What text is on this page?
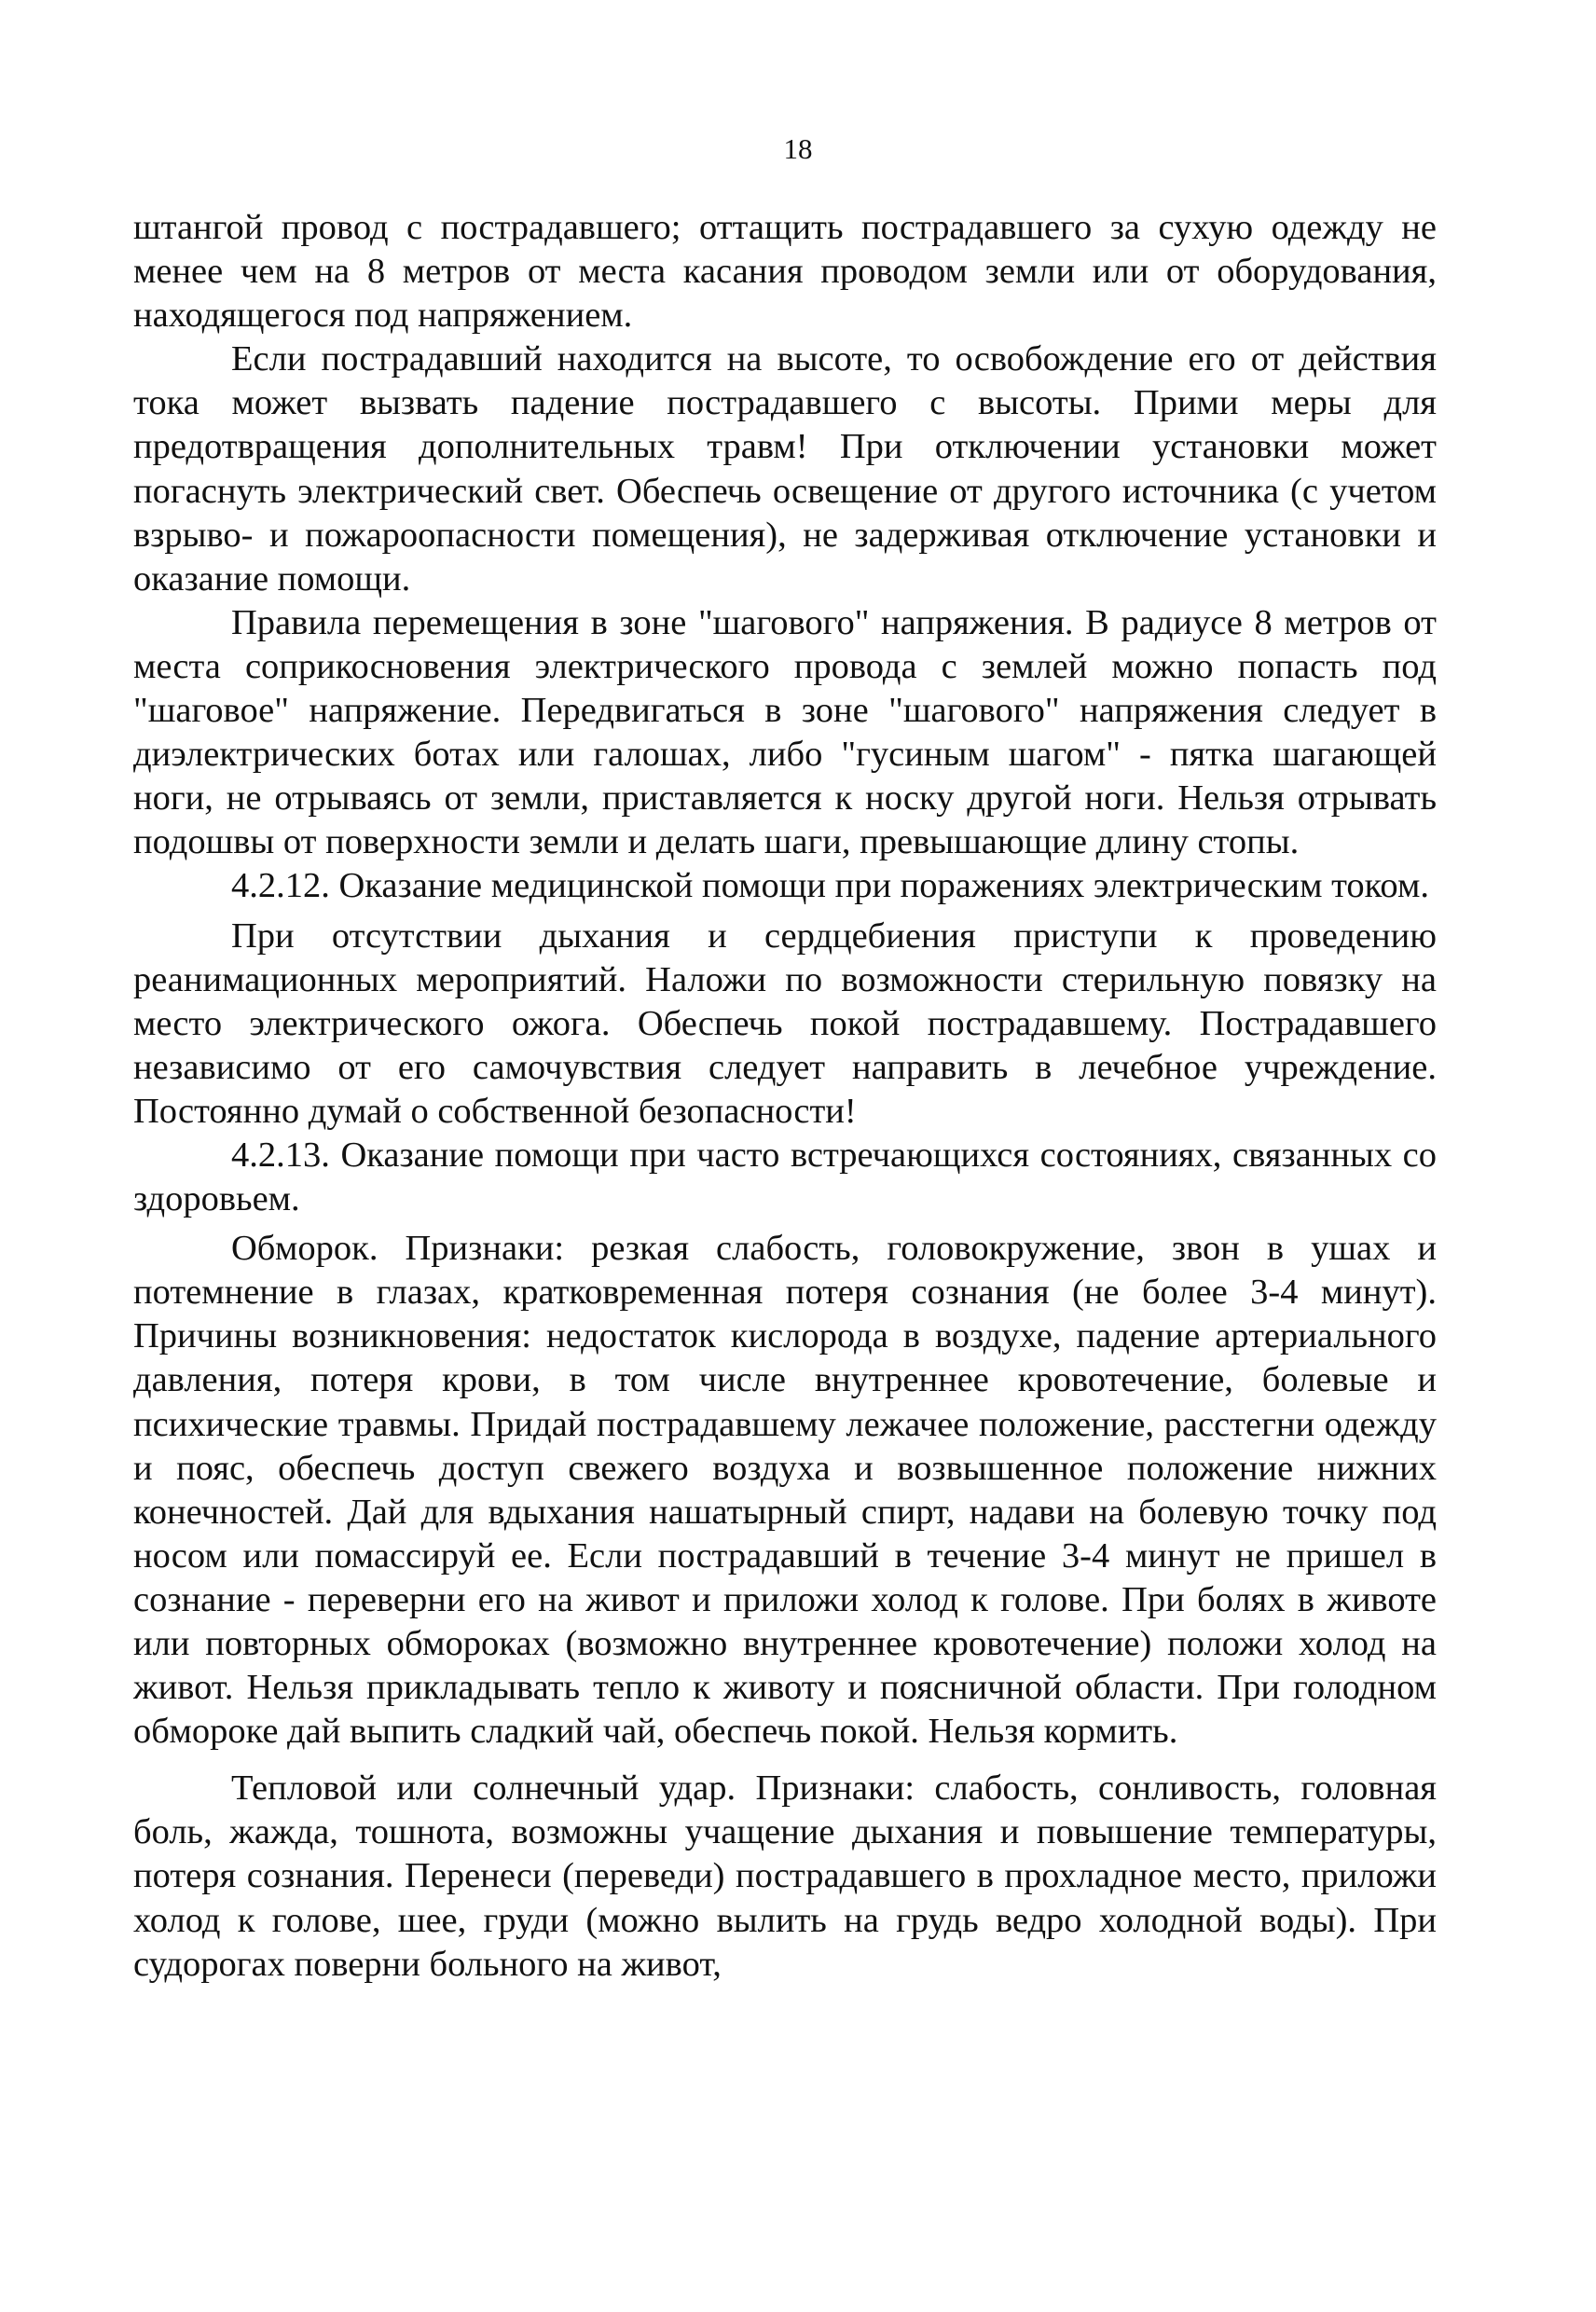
18

штангой провод с пострадавшего; оттащить пострадавшего за сухую одежду не менее чем на 8 метров от места касания проводом земли или от оборудования, находящегося под напряжением.

Если пострадавший находится на высоте, то освобождение его от действия тока может вызвать падение пострадавшего с высоты. Прими меры для предотвращения дополнительных травм! При отключении установки может погаснуть электрический свет. Обеспечь освещение от другого источника (с учетом взрыво- и пожароопасности помещения), не задерживая отключение установки и оказание помощи.

Правила перемещения в зоне "шагового" напряжения. В радиусе 8 метров от места соприкосновения электрического провода с землей можно попасть под "шаговое" напряжение. Передвигаться в зоне "шагового" напряжения следует в диэлектрических ботах или галошах, либо "гусиным шагом" - пятка шагающей ноги, не отрываясь от земли, приставляется к носку другой ноги. Нельзя отрывать подошвы от поверхности земли и делать шаги, превышающие длину стопы.

4.2.12. Оказание медицинской помощи при поражениях электрическим током.

При отсутствии дыхания и сердцебиения приступи к проведению реанимационных мероприятий. Наложи по возможности стерильную повязку на место электрического ожога. Обеспечь покой пострадавшему. Пострадавшего независимо от его самочувствия следует направить в лечебное учреждение. Постоянно думай о собственной безопасности!

4.2.13. Оказание помощи при часто встречающихся состояниях, связанных со здоровьем.

Обморок. Признаки: резкая слабость, головокружение, звон в ушах и потемнение в глазах, кратковременная потеря сознания (не более 3-4 минут). Причины возникновения: недостаток кислорода в воздухе, падение артериального давления, потеря крови, в том числе внутреннее кровотечение, болевые и психические травмы. Придай пострадавшему лежачее положение, расстегни одежду и пояс, обеспечь доступ свежего воздуха и возвышенное положение нижних конечностей. Дай для вдыхания нашатырный спирт, надави на болевую точку под носом или помассируй ее. Если пострадавший в течение 3-4 минут не пришел в сознание - переверни его на живот и приложи холод к голове. При болях в животе или повторных обмороках (возможно внутреннее кровотечение) положи холод на живот. Нельзя прикладывать тепло к животу и поясничной области. При голодном обмороке дай выпить сладкий чай, обеспечь покой. Нельзя кормить.

Тепловой или солнечный удар. Признаки: слабость, сонливость, головная боль, жажда, тошнота, возможны учащение дыхания и повышение температуры, потеря сознания. Перенеси (переведи) пострадавшего в прохладное место, приложи холод к голове, шее, груди (можно вылить на грудь ведро холодной воды). При судорогах поверни больного на живот,
